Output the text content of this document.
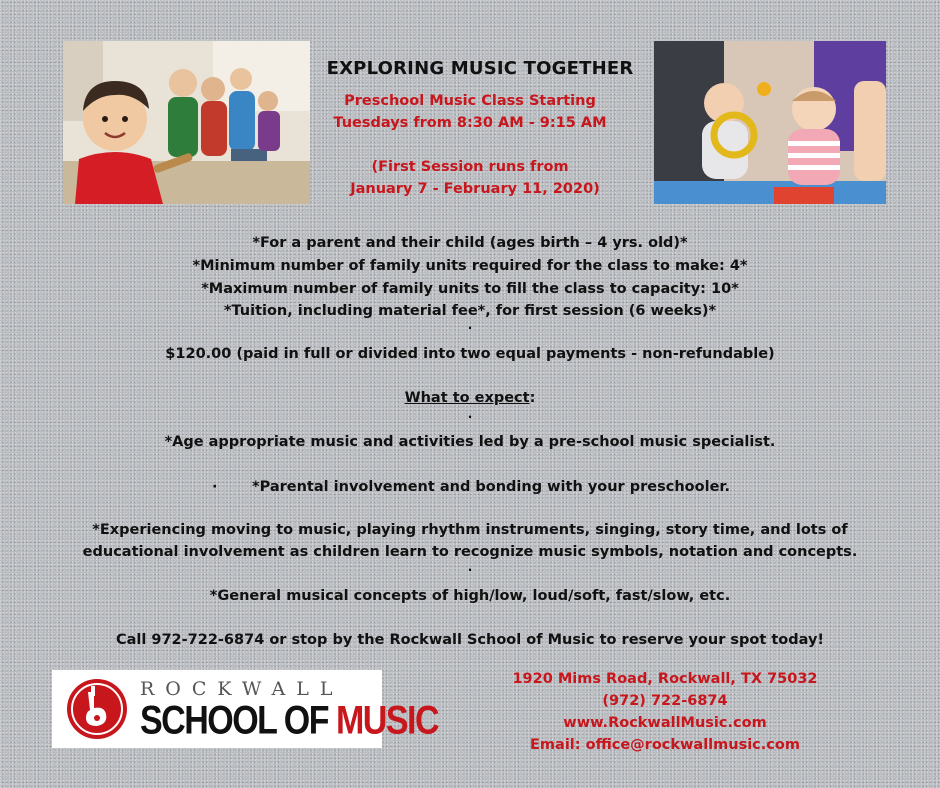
EXPLORING MUSIC TOGETHER
Preschool Music Class Starting
Tuesdays from 8:30 AM - 9:15 AM
(First Session runs from
January 7 - February 11, 2020)
*For a parent and their child (ages birth – 4 yrs. old)*
*Minimum number of family units required for the class to make: 4*
*Maximum number of family units to fill the class to capacity: 10*
*Tuition, including material fee*, for first session (6 weeks)*
·
$120.00 (paid in full or divided into two equal payments - non-refundable)
What to expect:
·
*Age appropriate music and activities led by a pre-school music specialist.
· *Parental involvement and bonding with your preschooler.
*Experiencing moving to music, playing rhythm instruments, singing, story time, and lots of
educational involvement as children learn to recognize music symbols, notation and concepts.
·
*General musical concepts of high/low, loud/soft, fast/slow, etc.
Call 972-722-6874 or stop by the Rockwall School of Music to reserve your spot today!
ROCKWALL
SCHOOL OF MUSIC
1920 Mims Road, Rockwall, TX 75032
(972) 722-6874
www.RockwallMusic.com
Email: office@rockwallmusic.com
